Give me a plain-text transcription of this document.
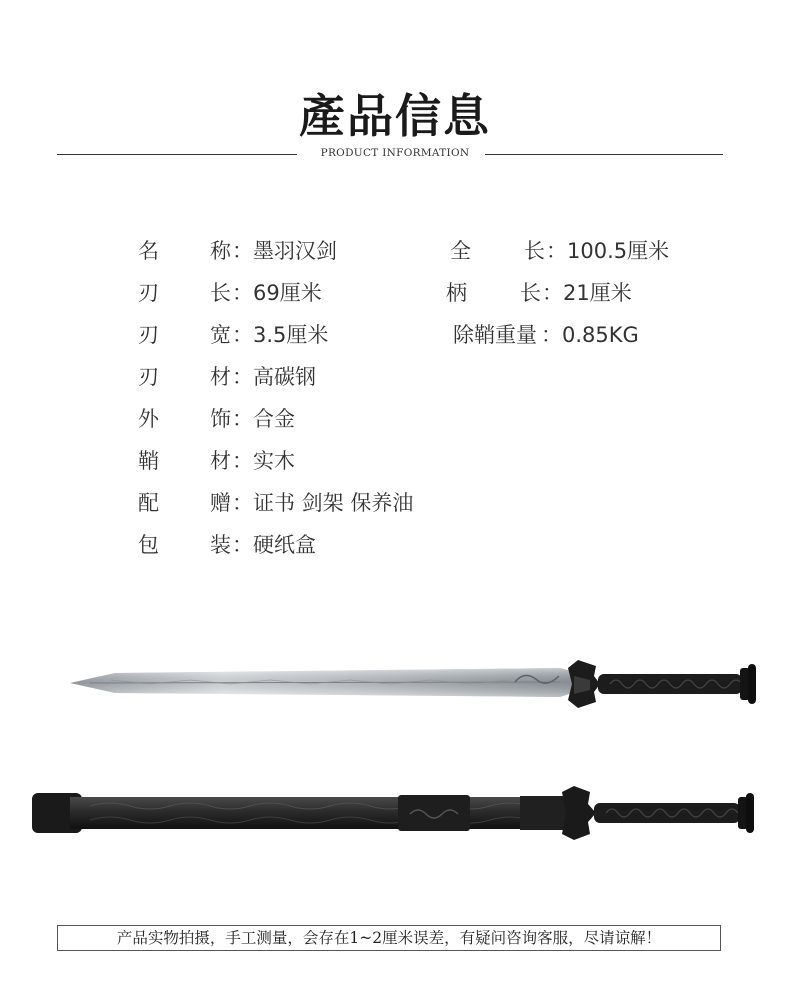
產品信息
PRODUCT INFORMATION
名 称 ：墨羽汉剑
刃 长 ：69厘米
刃 宽 ：3.5厘米
刃 材 ：高碳钢
外 饰 ：合金
鞘 材 ：实木
配 赠 ：证书 剑架 保养油
包 装 ：硬纸盒
全	长 ：100.5厘米
柄	长 ：21厘米
除鞘重量 ：0.85KG
产品实物拍摄，手工测量，会存在1~2厘米误差，有疑问咨询客服，尽请谅解！
